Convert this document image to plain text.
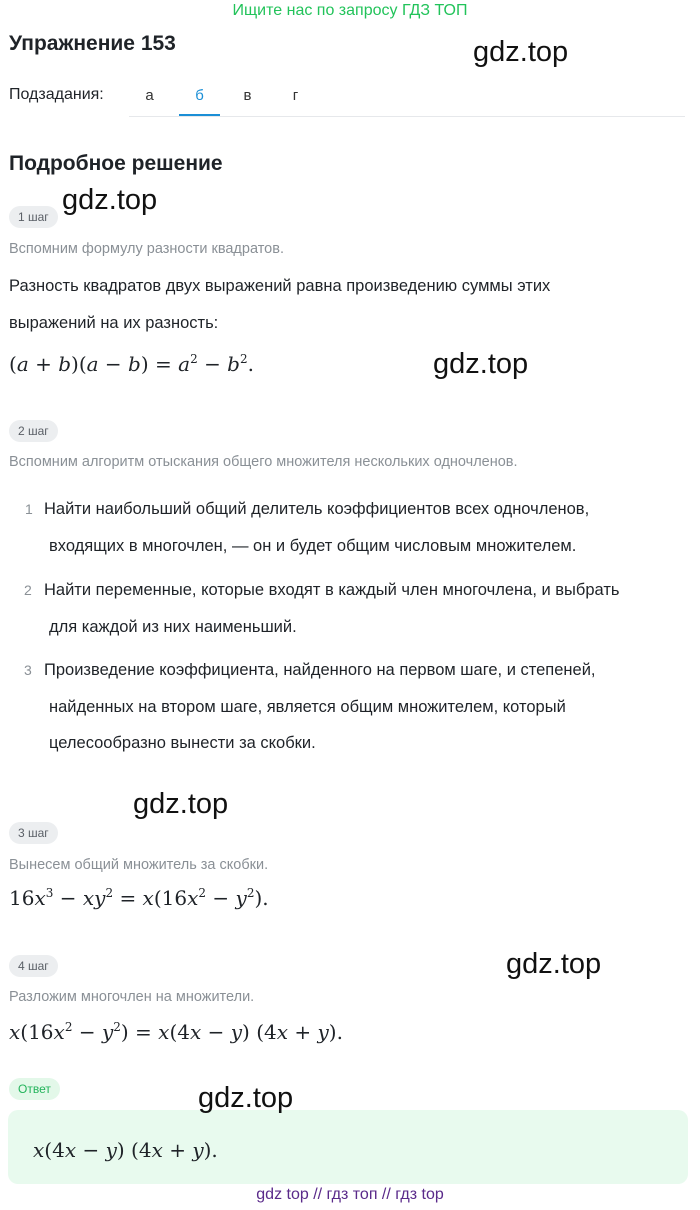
Ищите нас по запросу ГДЗ ТОП
Упражнение 153	gdz.top
Подзадания:	а	б	в	г
Подробное решение
1 шаг
gdz.top
Вспомним формулу разности квадратов.
Разность квадратов двух выражений равна произведению суммы этих
выражений на их разность:
$(a + b)(a - b) = a^2 - b^2$.	gdz.top
2 шаг
Вспомним алгоритм отыскания общего множителя нескольких одночленов.
1 Найти наибольший общий делитель коэффициентов всех одночленов,
входящих в многочлен, — он и будет общим числовым множителем.
2 Найти переменные, которые входят в каждый член многочлена, и выбрать
для каждой из них наименьший.
3 Произведение коэффициента, найденного на первом шаге, и степеней,
найденных на втором шаге, является общим множителем, который
целесообразно вынести за скобки.
gdz.top
3 шаг
Вынесем общий множитель за скобки.
$16x^3 - xy^2 = x(16x^2 - y^2)$.
4 шаг	gdz.top
Разложим многочлен на множители.
$x(16x^2 - y^2) = x(4x - y) (4x + y)$.
Ответ
x(4x − y) (4x + y).
gdz.top
gdz top // гдз топ // гдз top
